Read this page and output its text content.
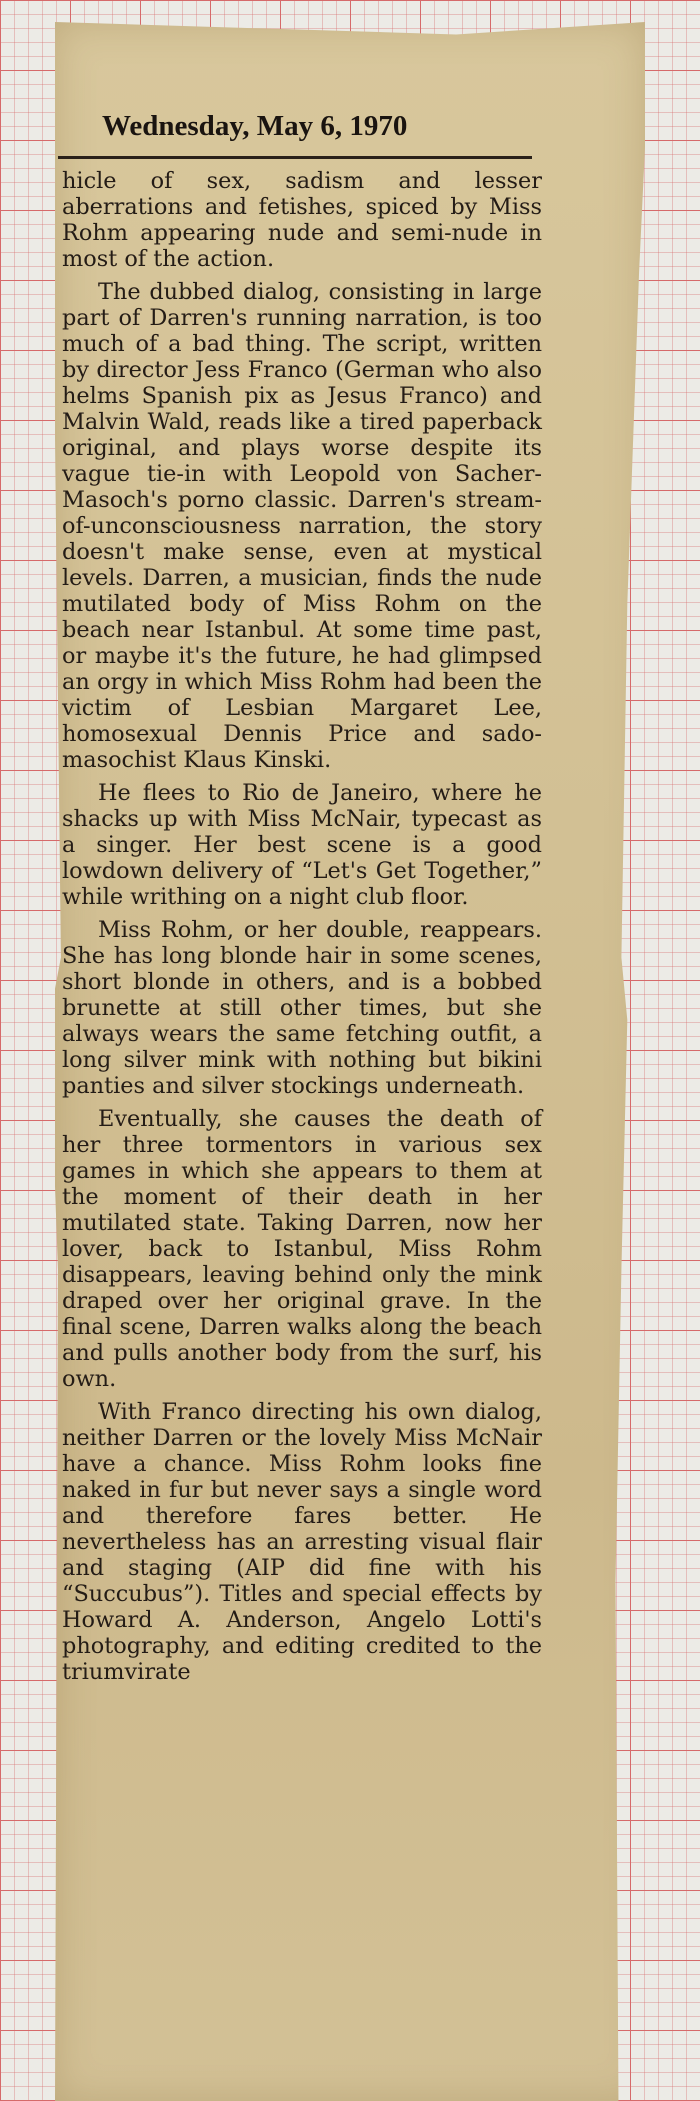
Wednesday, May 6, 1970

hicle of sex, sadism and lesser aberrations and fetishes, spiced by Miss Rohm appearing nude and semi-nude in most of the action.

The dubbed dialog, consisting in large part of Darren's running narration, is too much of a bad thing. The script, written by director Jess Franco (German who also helms Spanish pix as Jesus Franco) and Malvin Wald, reads like a tired paperback original, and plays worse despite its vague tie-in with Leopold von Sacher-Masoch's porno classic. Darren's stream-of-unconsciousness narration, the story doesn't make sense, even at mystical levels. Darren, a musician, finds the nude mutilated body of Miss Rohm on the beach near Istanbul. At some time past, or maybe it's the future, he had glimpsed an orgy in which Miss Rohm had been the victim of Lesbian Margaret Lee, homosexual Dennis Price and sado-masochist Klaus Kinski.

He flees to Rio de Janeiro, where he shacks up with Miss McNair, typecast as a singer. Her best scene is a good lowdown delivery of “Let's Get Together,” while writhing on a night club floor.

Miss Rohm, or her double, reappears. She has long blonde hair in some scenes, short blonde in others, and is a bobbed brunette at still other times, but she always wears the same fetching outfit, a long silver mink with nothing but bikini panties and silver stockings underneath.

Eventually, she causes the death of her three tormentors in various sex games in which she appears to them at the moment of their death in her mutilated state. Taking Darren, now her lover, back to Istanbul, Miss Rohm disappears, leaving behind only the mink draped over her original grave. In the final scene, Darren walks along the beach and pulls another body from the surf, his own.

With Franco directing his own dialog, neither Darren or the lovely Miss McNair have a chance. Miss Rohm looks fine naked in fur but never says a single word and therefore fares better. He nevertheless has an arresting visual flair and staging (AIP did fine with his “Succubus”). Titles and special effects by Howard A. Anderson, Angelo Lotti's photography, and editing credited to the triumvirate
